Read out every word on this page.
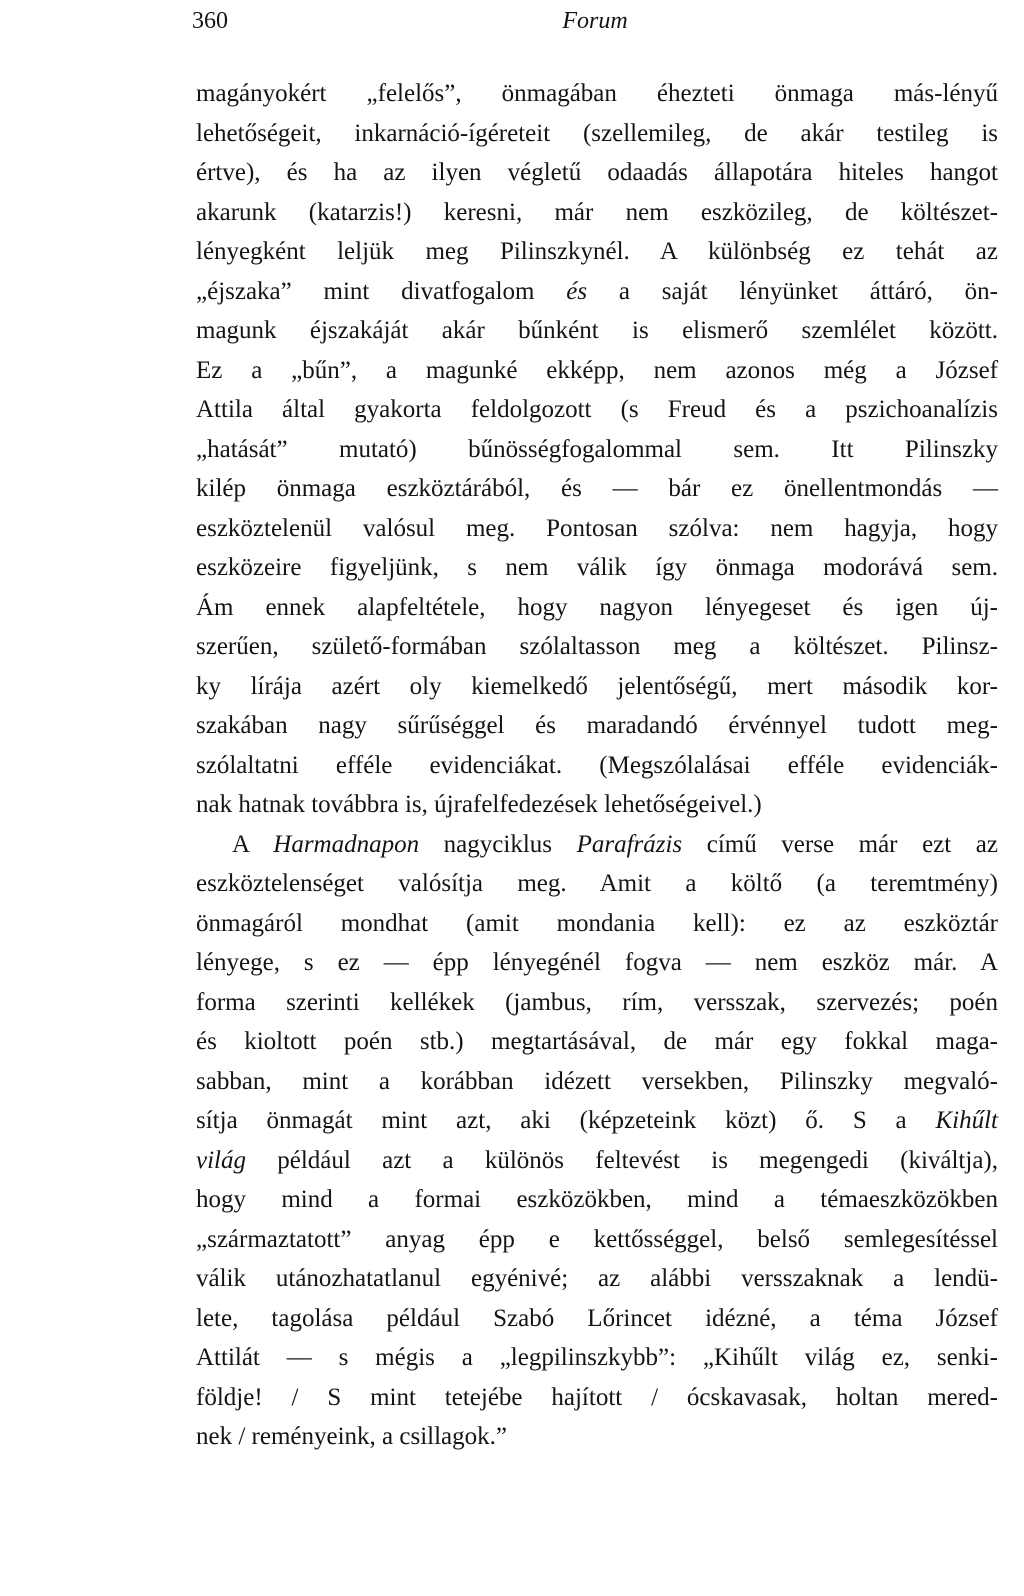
360	Forum
magányokért „felelős”, önmagában éhezteti önmaga más-lényű
lehetőségeit, inkarnáció-ígéreteit (szellemileg, de akár testileg is
értve), és ha az ilyen végletű odaadás állapotára hiteles hangot
akarunk (katarzis!) keresni, már nem eszközileg, de költészet-
lényegként leljük meg Pilinszkynél. A különbség ez tehát az
„éjszaka” mint divatfogalom és a saját lényünket áttáró, ön-
magunk éjszakáját akár bűnként is elismerő szemlélet között.
Ez a „bűn”, a magunké ekképp, nem azonos még a József
Attila által gyakorta feldolgozott (s Freud és a pszichoanalízis
„hatását” mutató) bűnösségfogalommal sem. Itt Pilinszky
kilép önmaga eszköztárából, és — bár ez önellentmondás —
eszköztelenül valósul meg. Pontosan szólva: nem hagyja, hogy
eszközeire figyeljünk, s nem válik így önmaga modorává sem.
Ám ennek alapfeltétele, hogy nagyon lényegeset és igen új-
szerűen, születő-formában szólaltasson meg a költészet. Pilinsz-
ky lírája azért oly kiemelkedő jelentőségű, mert második kor-
szakában nagy sűrűséggel és maradandó érvénnyel tudott meg-
szólaltatni efféle evidenciákat. (Megszólalásai efféle evidenciák-
nak hatnak továbbra is, újrafelfedezések lehetőségeivel.)
A Harmadnapon nagyciklus Parafrázis című verse már ezt az
eszköztelenséget valósítja meg. Amit a költő (a teremtmény)
önmagáról mondhat (amit mondania kell): ez az eszköztár
lényege, s ez — épp lényegénél fogva — nem eszköz már. A
forma szerinti kellékek (jambus, rím, versszak, szervezés; poén
és kioltott poén stb.) megtartásával, de már egy fokkal maga-
sabban, mint a korábban idézett versekben, Pilinszky megvaló-
sítja önmagát mint azt, aki (képzeteink közt) ő. S a Kihűlt
világ például azt a különös feltevést is megengedi (kiváltja),
hogy mind a formai eszközökben, mind a témaeszközökben
„származtatott” anyag épp e kettősséggel, belső semlegesítéssel
válik utánozhatatlanul egyénivé; az alábbi versszaknak a lendü-
lete, tagolása például Szabó Lőrincet idézné, a téma József
Attilát — s mégis a „legpilinszkybb”: „Kihűlt világ ez, senki-
földje! / S mint tetejébe hajított / ócskavasak, holtan mered-
nek / reményeink, a csillagok.”
